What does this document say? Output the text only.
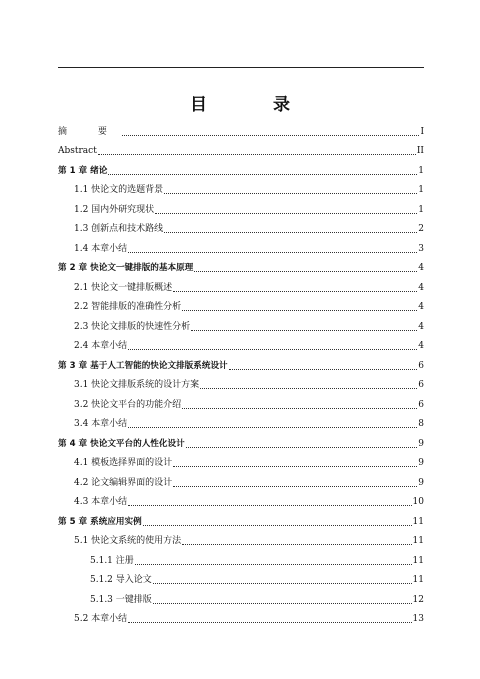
目 录
摘 要	I
Abstract	II
第 1 章 绪论	1
1.1 快论文的选题背景	1
1.2 国内外研究现状	1
1.3 创新点和技术路线	2
1.4 本章小结	3
第 2 章 快论文一键排版的基本原理	4
2.1 快论文一键排版概述	4
2.2 智能排版的准确性分析	4
2.3 快论文排版的快速性分析	4
2.4 本章小结	4
第 3 章 基于人工智能的快论文排版系统设计	6
3.1 快论文排版系统的设计方案	6
3.2 快论文平台的功能介绍	6
3.4 本章小结	8
第 4 章 快论文平台的人性化设计	9
4.1 模板选择界面的设计	9
4.2 论文编辑界面的设计	9
4.3 本章小结	10
第 5 章 系统应用实例	11
5.1 快论文系统的使用方法	11
5.1.1 注册	11
5.1.2 导入论文	11
5.1.3 一键排版	12
5.2 本章小结	13
